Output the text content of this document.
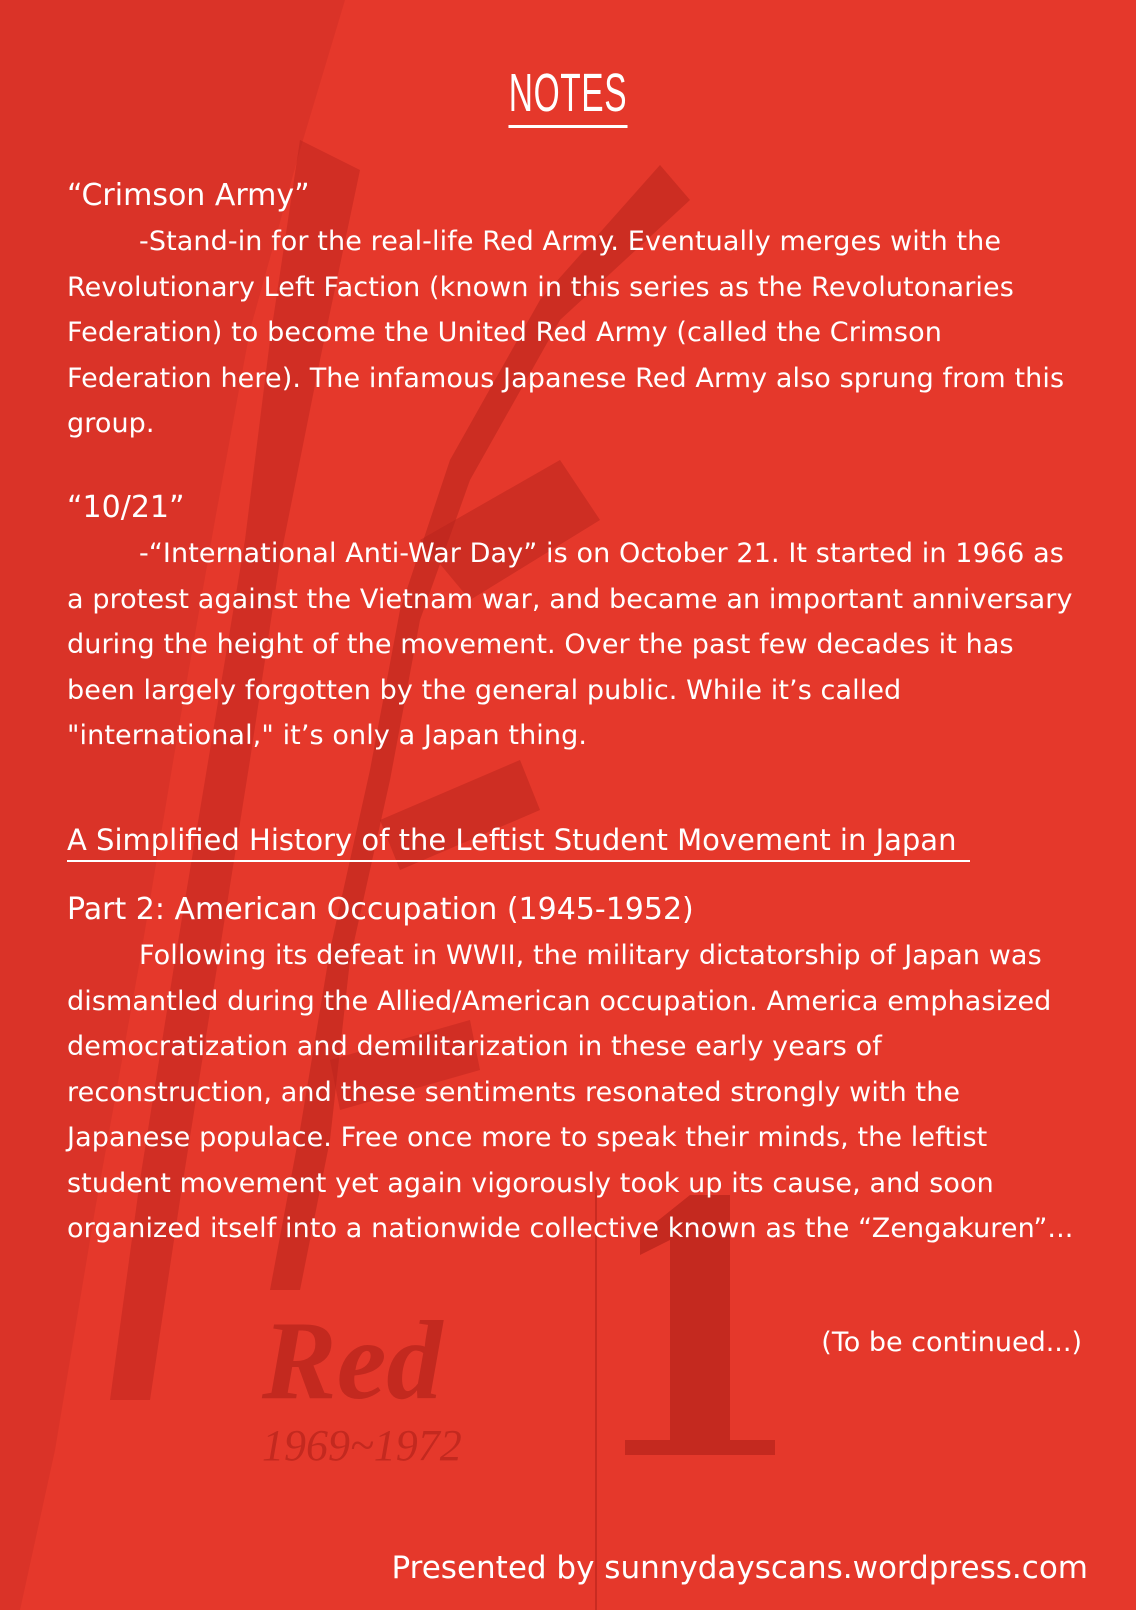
Red
1969~1972
NOTES
“Crimson Army”
-Stand-in for the real-life Red Army. Eventually merges with the Revolutionary Left Faction (known in this series as the Revolutonaries Federation) to become the United Red Army (called the Crimson Federation here). The infamous Japanese Red Army also sprung from this group.
“10/21”
-“International Anti-War Day” is on October 21. It started in 1966 as a protest against the Vietnam war, and became an important anniversary during the height of the movement. Over the past few decades it has been largely forgotten by the general public. While it’s called "international," it’s only a Japan thing.
A Simplified History of the Leftist Student Movement in Japan
Part 2: American Occupation (1945-1952)
Following its defeat in WWII, the military dictatorship of Japan was dismantled during the Allied/American occupation. America emphasized democratization and demilitarization in these early years of reconstruction, and these sentiments resonated strongly with the Japanese populace. Free once more to speak their minds, the leftist student movement yet again vigorously took up its cause, and soon organized itself into a nationwide collective known as the “Zengakuren”...
(To be continued...)
Presented by sunnydayscans.wordpress.com
